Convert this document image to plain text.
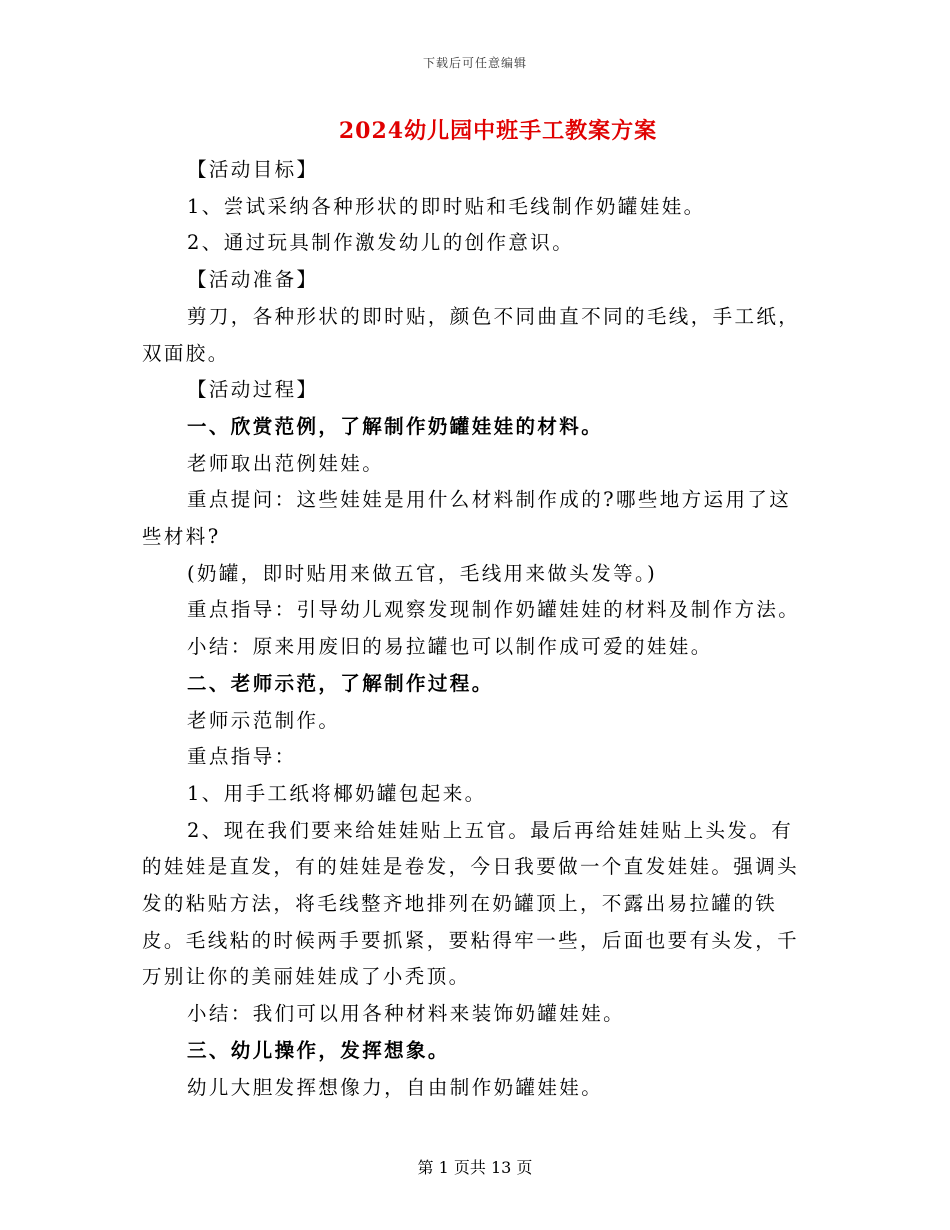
下载后可任意编辑
2024幼儿园中班手工教案方案

【活动目标】

1、尝试采纳各种形状的即时贴和毛线制作奶罐娃娃。

2、通过玩具制作激发幼儿的创作意识。

【活动准备】

剪刀，各种形状的即时贴，颜色不同曲直不同的毛线，手工纸，双面胶。

【活动过程】

一、欣赏范例，了解制作奶罐娃娃的材料。

老师取出范例娃娃。

重点提问：这些娃娃是用什么材料制作成的?哪些地方运用了这些材料?

(奶罐，即时贴用来做五官，毛线用来做头发等。)

重点指导：引导幼儿观察发现制作奶罐娃娃的材料及制作方法。

小结：原来用废旧的易拉罐也可以制作成可爱的娃娃。

二、老师示范，了解制作过程。

老师示范制作。

重点指导：

1、用手工纸将椰奶罐包起来。

2、现在我们要来给娃娃贴上五官。最后再给娃娃贴上头发。有的娃娃是直发，有的娃娃是卷发，今日我要做一个直发娃娃。强调头发的粘贴方法，将毛线整齐地排列在奶罐顶上，不露出易拉罐的铁皮。毛线粘的时候两手要抓紧，要粘得牢一些，后面也要有头发，千万别让你的美丽娃娃成了小秃顶。

小结：我们可以用各种材料来装饰奶罐娃娃。

三、幼儿操作，发挥想象。

幼儿大胆发挥想像力，自由制作奶罐娃娃。

第 1 页共 13 页
